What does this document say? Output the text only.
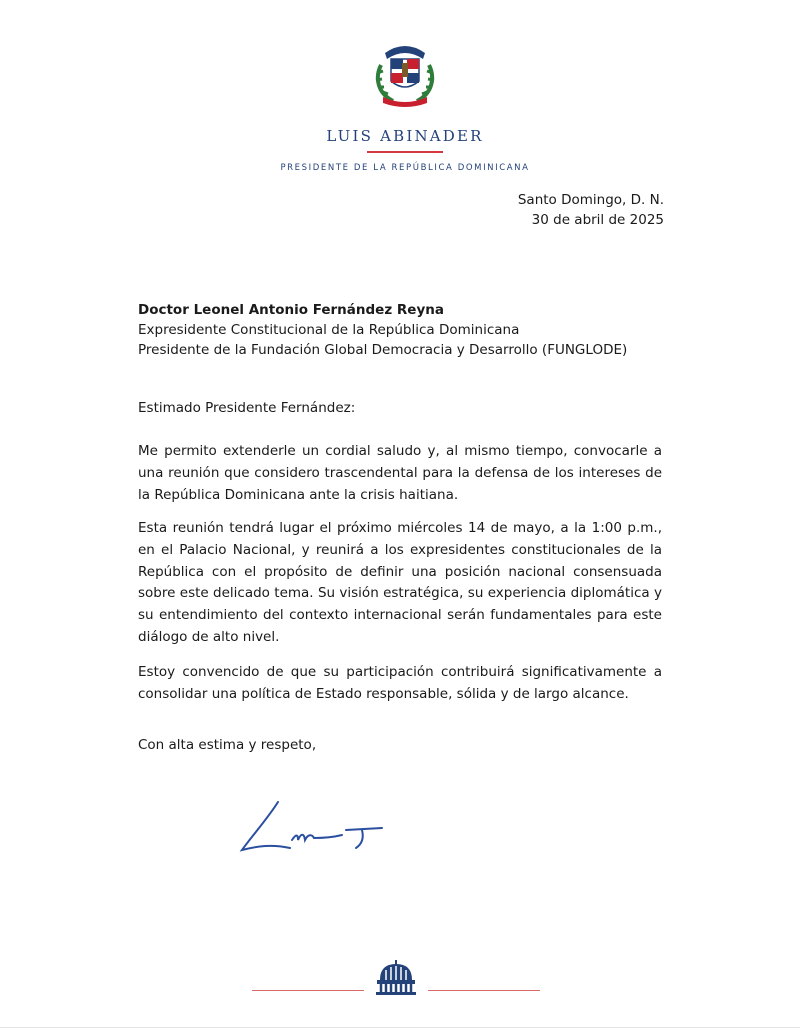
LUIS ABINADER
PRESIDENTE DE LA REPÚBLICA DOMINICANA
Santo Domingo, D. N.
30 de abril de 2025
Doctor Leonel Antonio Fernández Reyna
Expresidente Constitucional de la República Dominicana
Presidente de la Fundación Global Democracia y Desarrollo (FUNGLODE)
Estimado Presidente Fernández:
Me permito extenderle un cordial saludo y, al mismo tiempo, convocarle a una reunión que considero trascendental para la defensa de los intereses de la República Dominicana ante la crisis haitiana.
Esta reunión tendrá lugar el próximo miércoles 14 de mayo, a la 1:00 p.m., en el Palacio Nacional, y reunirá a los expresidentes constitucionales de la República con el propósito de definir una posición nacional consensuada sobre este delicado tema. Su visión estratégica, su experiencia diplomática y su entendimiento del contexto internacional serán fundamentales para este diálogo de alto nivel.
Estoy convencido de que su participación contribuirá significativamente a consolidar una política de Estado responsable, sólida y de largo alcance.
Con alta estima y respeto,
